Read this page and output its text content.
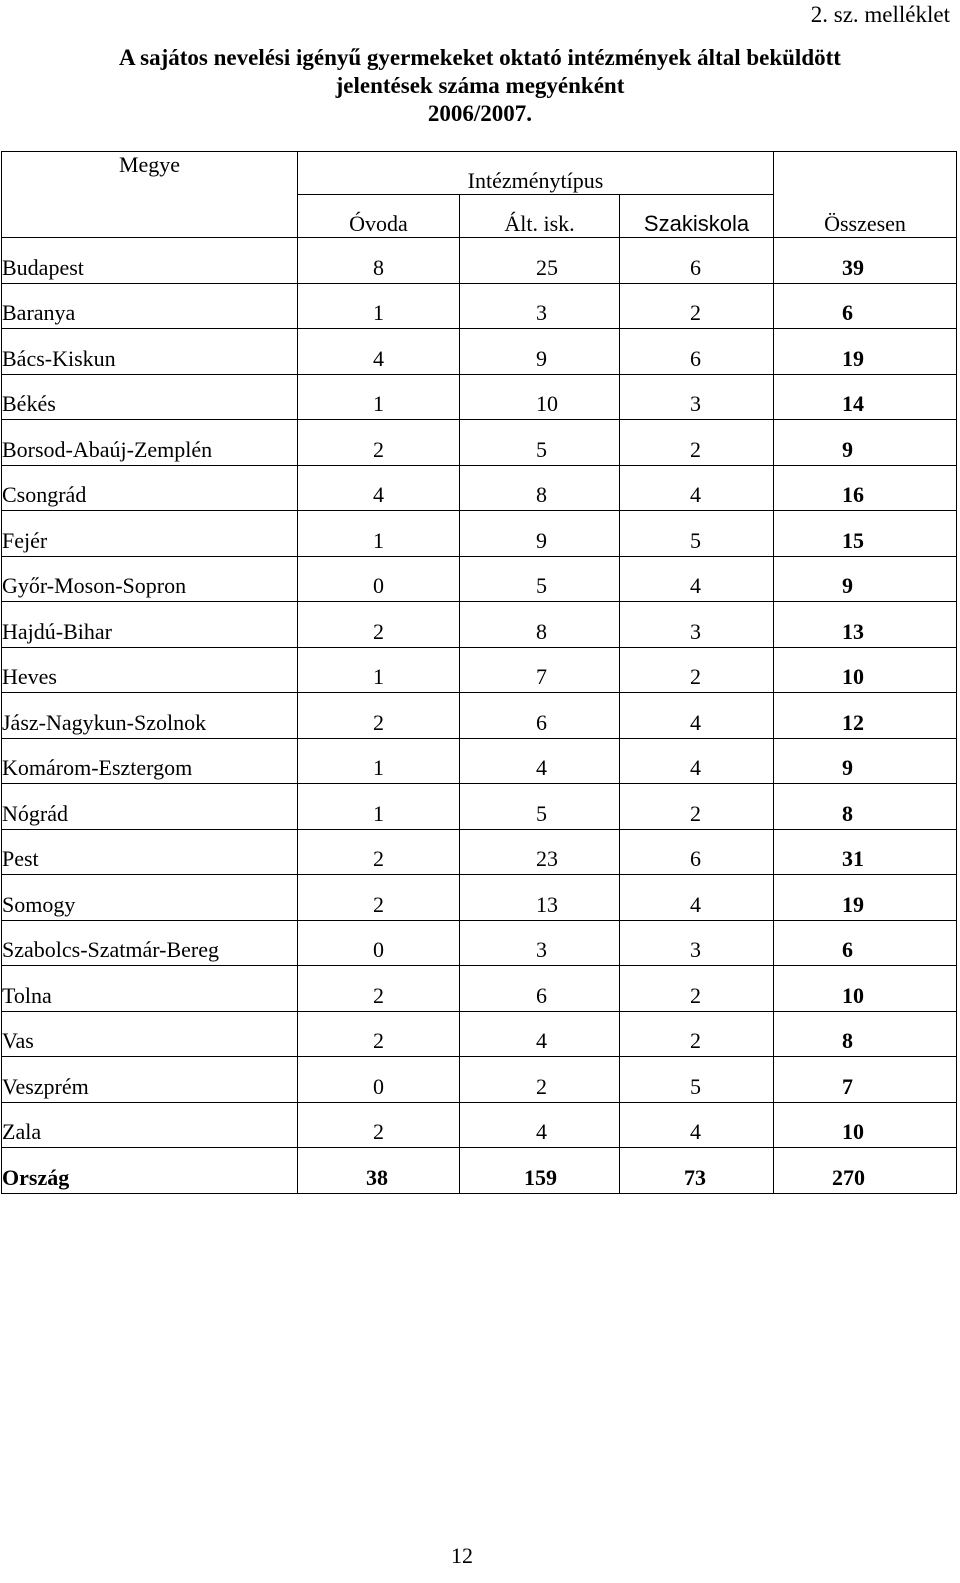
2. sz. melléklet
A sajátos nevelési igényű gyermekeket oktató intézmények által beküldött
jelentések száma megyénként
2006/2007.
Megye	Intézménytípus			Összesen
	Óvoda	Ált. isk.	Szakiskola	
Budapest	8	25	6	39
Baranya	1	3	2	6
Bács-Kiskun	4	9	6	19
Békés	1	10	3	14
Borsod-Abaúj-Zemplén	2	5	2	9
Csongrád	4	8	4	16
Fejér	1	9	5	15
Győr-Moson-Sopron	0	5	4	9
Hajdú-Bihar	2	8	3	13
Heves	1	7	2	10
Jász-Nagykun-Szolnok	2	6	4	12
Komárom-Esztergom	1	4	4	9
Nógrád	1	5	2	8
Pest	2	23	6	31
Somogy	2	13	4	19
Szabolcs-Szatmár-Bereg	0	3	3	6
Tolna	2	6	2	10
Vas	2	4	2	8
Veszprém	0	2	5	7
Zala	2	4	4	10
Ország	38	159	73	270
12
